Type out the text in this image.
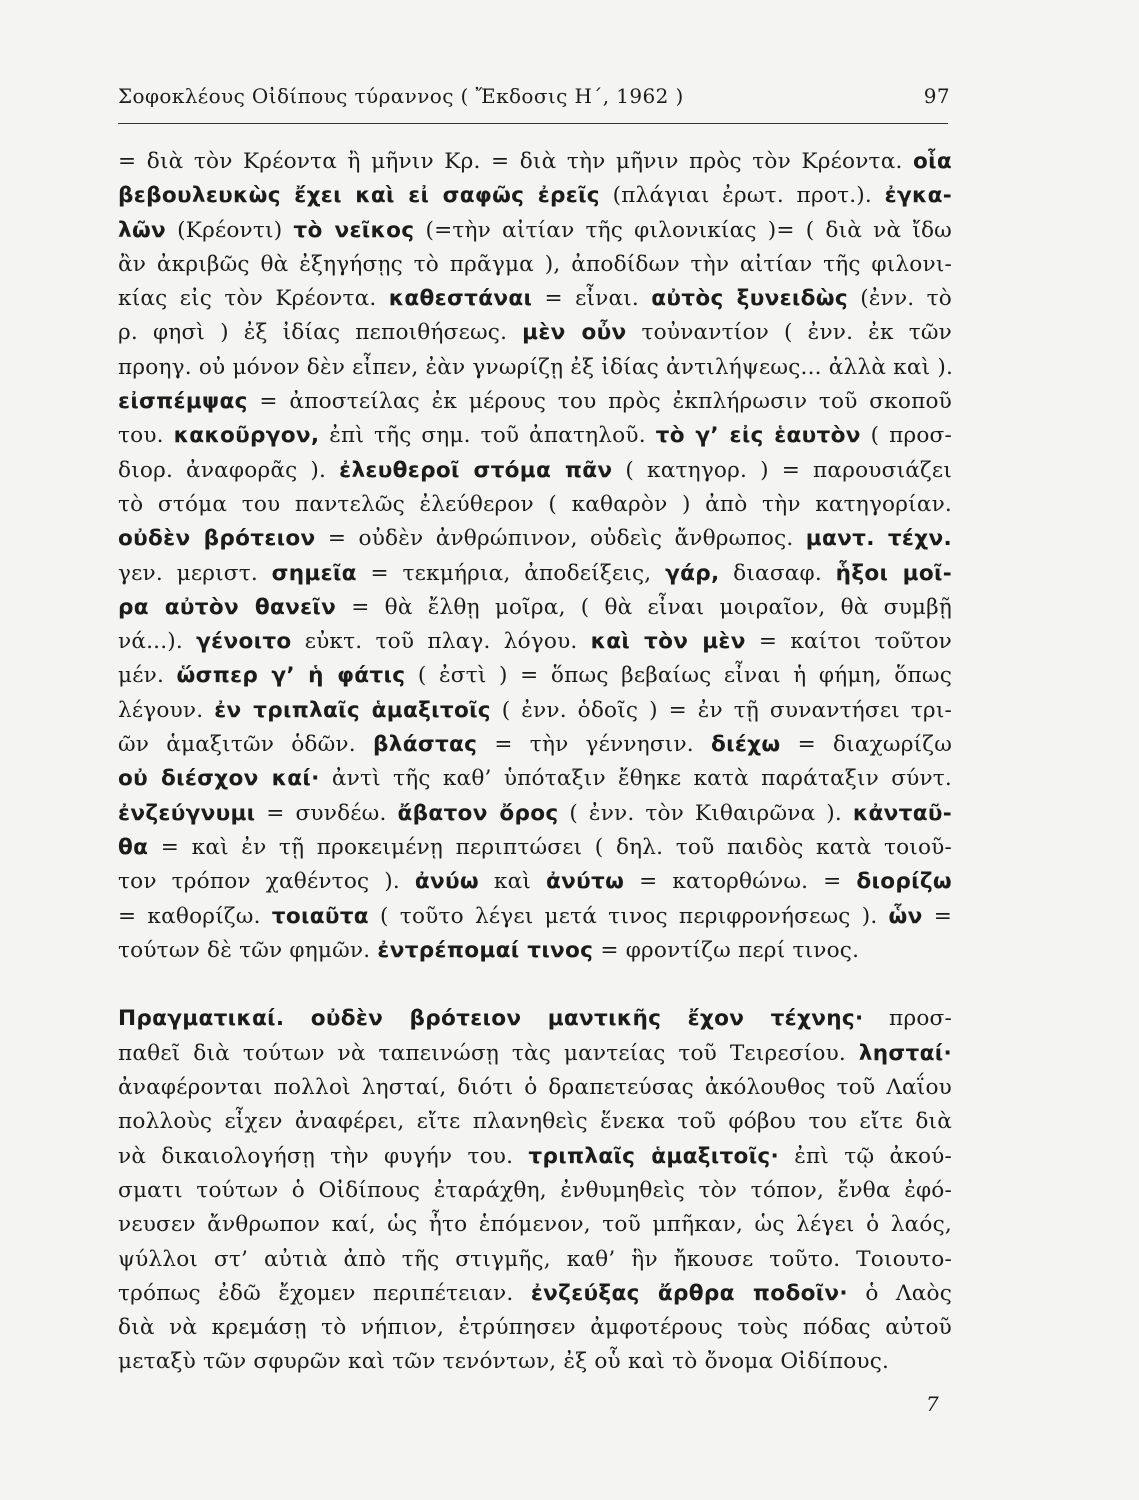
Σοφοκλέους Οἰδίπους τύραννος ( Ἔκδοσις Η΄, 1962 )	97
= διὰ τὸν Κρέοντα ἢ μῆνιν Κρ. = διὰ τὴν μῆνιν πρὸς τὸν Κρέοντα. οἷα
βεβουλευκὼς ἔχει καὶ εἰ σαφῶς ἐρεῖς (πλάγιαι ἐρωτ. προτ.). ἐγκα-
λῶν (Κρέοντι) τὸ νεῖκος (=τὴν αἰτίαν τῆς φιλονικίας )= ( διὰ νὰ ἴδω
ἂν ἀκριβῶς θὰ ἐξηγήσῃς τὸ πρᾶγμα ), ἀποδίδων τὴν αἰτίαν τῆς φιλονι-
κίας εἰς τὸν Κρέοντα. καθεστάναι = εἶναι. αὐτὸς ξυνειδὼς (ἐνν. τὸ
ρ. φησὶ ) ἐξ ἰδίας πεποιθήσεως. μὲν οὖν τοὐναντίον ( ἐνν. ἐκ τῶν
προηγ. οὐ μόνον δὲν εἶπεν, ἐὰν γνωρίζῃ ἐξ ἰδίας ἀντιλήψεως... ἀλλὰ καὶ ).
εἰσπέμψας = ἀποστείλας ἐκ μέρους του πρὸς ἐκπλήρωσιν τοῦ σκοποῦ
του. κακοῦργον, ἐπὶ τῆς σημ. τοῦ ἀπατηλοῦ. τὸ γ’ εἰς ἑαυτὸν ( προσ-
διορ. ἀναφορᾶς ). ἐλευθεροῖ στόμα πᾶν ( κατηγορ. ) = παρουσιάζει
τὸ στόμα του παντελῶς ἐλεύθερον ( καθαρὸν ) ἀπὸ τὴν κατηγορίαν.
οὐδὲν βρότειον = οὐδὲν ἀνθρώπινον, οὐδεὶς ἄνθρωπος. μαντ. τέχν.
γεν. μεριστ. σημεῖα = τεκμήρια, ἀποδείξεις, γάρ, διασαφ. ἧξοι μοῖ-
ρα αὐτὸν θανεῖν = θὰ ἔλθῃ μοῖρα, ( θὰ εἶναι μοιραῖον, θὰ συμβῇ
νά...). γένοιτο εὐκτ. τοῦ πλαγ. λόγου. καὶ τὸν μὲν = καίτοι τοῦτον
μέν. ὥσπερ γ’ ἡ φάτις ( ἐστὶ ) = ὅπως βεβαίως εἶναι ἡ φήμη, ὅπως
λέγουν. ἐν τριπλαῖς ἁμαξιτοῖς ( ἐνν. ὁδοῖς ) = ἐν τῇ συναντήσει τρι-
ῶν ἁμαξιτῶν ὁδῶν. βλάστας = τὴν γέννησιν. διέχω = διαχωρίζω
οὐ διέσχον καί· ἀντὶ τῆς καθ’ ὑπόταξιν ἔθηκε κατὰ παράταξιν σύντ.
ἐνζεύγνυμι = συνδέω. ἄβατον ὄρος ( ἐνν. τὸν Κιθαιρῶνα ). κἀνταῦ-
θα = καὶ ἐν τῇ προκειμένῃ περιπτώσει ( δηλ. τοῦ παιδὸς κατὰ τοιοῦ-
τον τρόπον χαθέντος ). ἀνύω καὶ ἀνύτω = κατορθώνω. = διορίζω
= καθορίζω. τοιαῦτα ( τοῦτο λέγει μετά τινος περιφρονήσεως ). ὧν =
τούτων δὲ τῶν φημῶν. ἐντρέπομαί τινος = φροντίζω περί τινος.
Πραγματικαί. οὐδὲν βρότειον μαντικῆς ἔχον τέχνης· προσ-
παθεῖ διὰ τούτων νὰ ταπεινώσῃ τὰς μαντείας τοῦ Τειρεσίου. λησταί·
ἀναφέρονται πολλοὶ λησταί, διότι ὁ δραπετεύσας ἀκόλουθος τοῦ Λαΐου
πολλοὺς εἶχεν ἀναφέρει, εἴτε πλανηθεὶς ἕνεκα τοῦ φόβου του εἴτε διὰ
νὰ δικαιολογήσῃ τὴν φυγήν του. τριπλαῖς ἁμαξιτοῖς· ἐπὶ τῷ ἀκού-
σματι τούτων ὁ Οἰδίπους ἐταράχθη, ἐνθυμηθεὶς τὸν τόπον, ἔνθα ἐφό-
νευσεν ἄνθρωπον καί, ὡς ἦτο ἑπόμενον, τοῦ μπῆκαν, ὡς λέγει ὁ λαός,
ψύλλοι στ’ αὐτιὰ ἀπὸ τῆς στιγμῆς, καθ’ ἣν ἤκουσε τοῦτο. Τοιουτο-
τρόπως ἐδῶ ἔχομεν περιπέτειαν. ἐνζεύξας ἄρθρα ποδοῖν· ὁ Λαὸς
διὰ νὰ κρεμάσῃ τὸ νήπιον, ἐτρύπησεν ἀμφοτέρους τοὺς πόδας αὐτοῦ
μεταξὺ τῶν σφυρῶν καὶ τῶν τενόντων, ἐξ οὗ καὶ τὸ ὄνομα Οἰδίπους.
7
